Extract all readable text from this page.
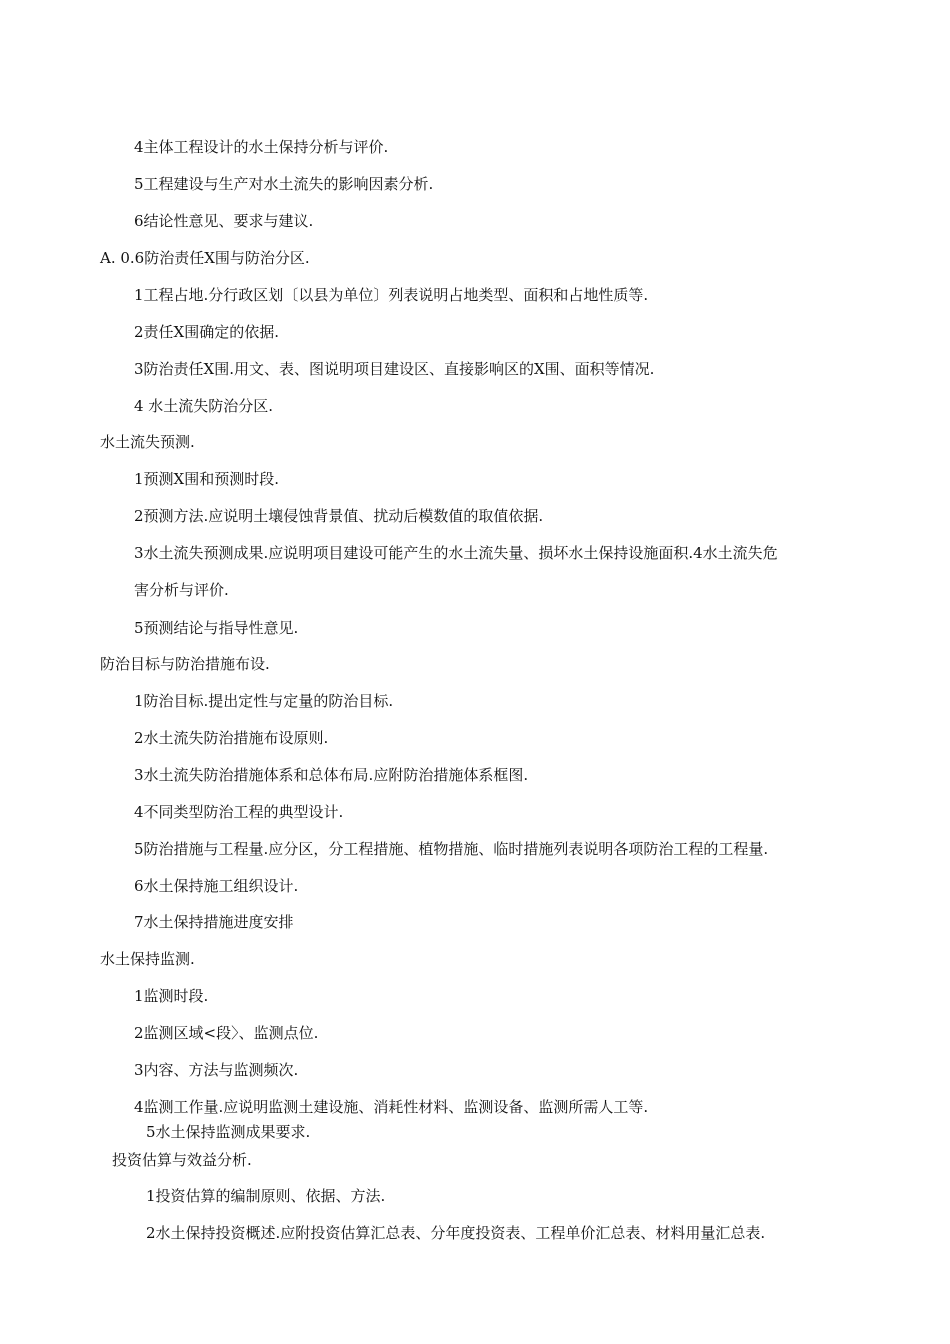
4主体工程设计的水土保持分析与评价.
5工程建设与生产对水土流失的影响因素分析.
6结论性意见、要求与建议.
A. 0.6防治责任X围与防治分区.
1工程占地.分行政区划〔以县为单位〕列表说明占地类型、面积和占地性质等.
2责任X围确定的依据.
3防治责任X围.用文、表、图说明项目建设区、直接影响区的X围、面积等情况.
4 水土流失防治分区.
水土流失预测.
1预测X围和预测时段.
2预测方法.应说明土壤侵蚀背景值、扰动后模数值的取值依据.
3水土流失预测成果.应说明项目建设可能产生的水土流失量、损坏水土保持设施面积.4水土流失危
害分析与评价.
5预测结论与指导性意见.
防治目标与防治措施布设.
1防治目标.提出定性与定量的防治目标.
2水土流失防治措施布设原则.
3水土流失防治措施体系和总体布局.应附防治措施体系框图.
4不同类型防治工程的典型设计.
5防治措施与工程量.应分区，分工程措施、植物措施、临时措施列表说明各项防治工程的工程量.
6水土保持施工组织设计.
7水土保持措施进度安排
水土保持监测.
1监测时段.
2监测区域<段〉、监测点位.
3内容、方法与监测频次.
4监测工作量.应说明监测土建设施、消耗性材料、监测设备、监测所需人工等.
5水土保持监测成果要求.
投资估算与效益分析.
1投资估算的编制原则、依据、方法.
2水土保持投资概述.应附投资估算汇总表、分年度投资表、工程单价汇总表、材料用量汇总表.
